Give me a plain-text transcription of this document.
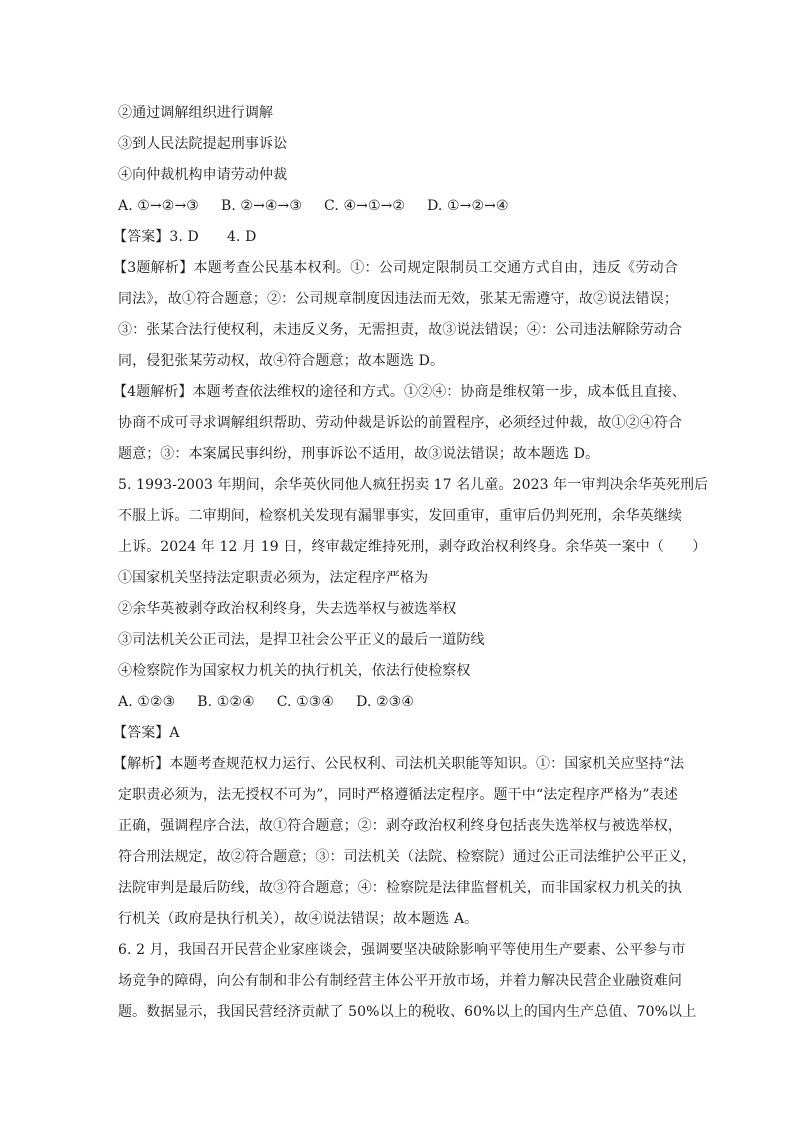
②通过调解组织进行调解
③到人民法院提起刑事诉讼
④向仲裁机构申请劳动仲裁
A. ①→②→③ B. ②→④→③ C. ④→①→② D. ①→②→④
【答案】3. D　　4. D
【3题解析】本题考查公民基本权利。①：公司规定限制员工交通方式自由，违反《劳动合
同法》，故①符合题意；②：公司规章制度因违法而无效，张某无需遵守，故②说法错误；
③：张某合法行使权利，未违反义务，无需担责，故③说法错误；④：公司违法解除劳动合
同，侵犯张某劳动权，故④符合题意；故本题选 D。
【4题解析】本题考查依法维权的途径和方式。①②④：协商是维权第一步，成本低且直接、
协商不成可寻求调解组织帮助、劳动仲裁是诉讼的前置程序，必须经过仲裁，故①②④符合
题意；③：本案属民事纠纷，刑事诉讼不适用，故③说法错误；故本题选 D。
5. 1993-2003 年期间，余华英伙同他人疯狂拐卖 17 名儿童。2023 年一审判决余华英死刑后
不服上诉。二审期间，检察机关发现有漏罪事实，发回重审，重审后仍判死刑，余华英继续
上诉。2024 年 12 月 19 日，终审裁定维持死刑，剥夺政治权利终身。余华英一案中（　　）
①国家机关坚持法定职责必须为，法定程序严格为
②余华英被剥夺政治权利终身，失去选举权与被选举权
③司法机关公正司法，是捍卫社会公平正义的最后一道防线
④检察院作为国家权力机关的执行机关，依法行使检察权
A. ①②③ B. ①②④ C. ①③④ D. ②③④
【答案】A
【解析】本题考查规范权力运行、公民权利、司法机关职能等知识。①：国家机关应坚持“法
定职责必须为，法无授权不可为”，同时严格遵循法定程序。题干中“法定程序严格为”表述
正确，强调程序合法，故①符合题意；②：剥夺政治权利终身包括丧失选举权与被选举权，
符合刑法规定，故②符合题意；③：司法机关（法院、检察院）通过公正司法维护公平正义，
法院审判是最后防线，故③符合题意；④：检察院是法律监督机关，而非国家权力机关的执
行机关（政府是执行机关），故④说法错误；故本题选 A。
6. 2 月，我国召开民营企业家座谈会，强调要坚决破除影响平等使用生产要素、公平参与市
场竞争的障碍，向公有制和非公有制经营主体公平开放市场，并着力解决民营企业融资难问
题。数据显示，我国民营经济贡献了 50%以上的税收、60%以上的国内生产总值、70%以上
